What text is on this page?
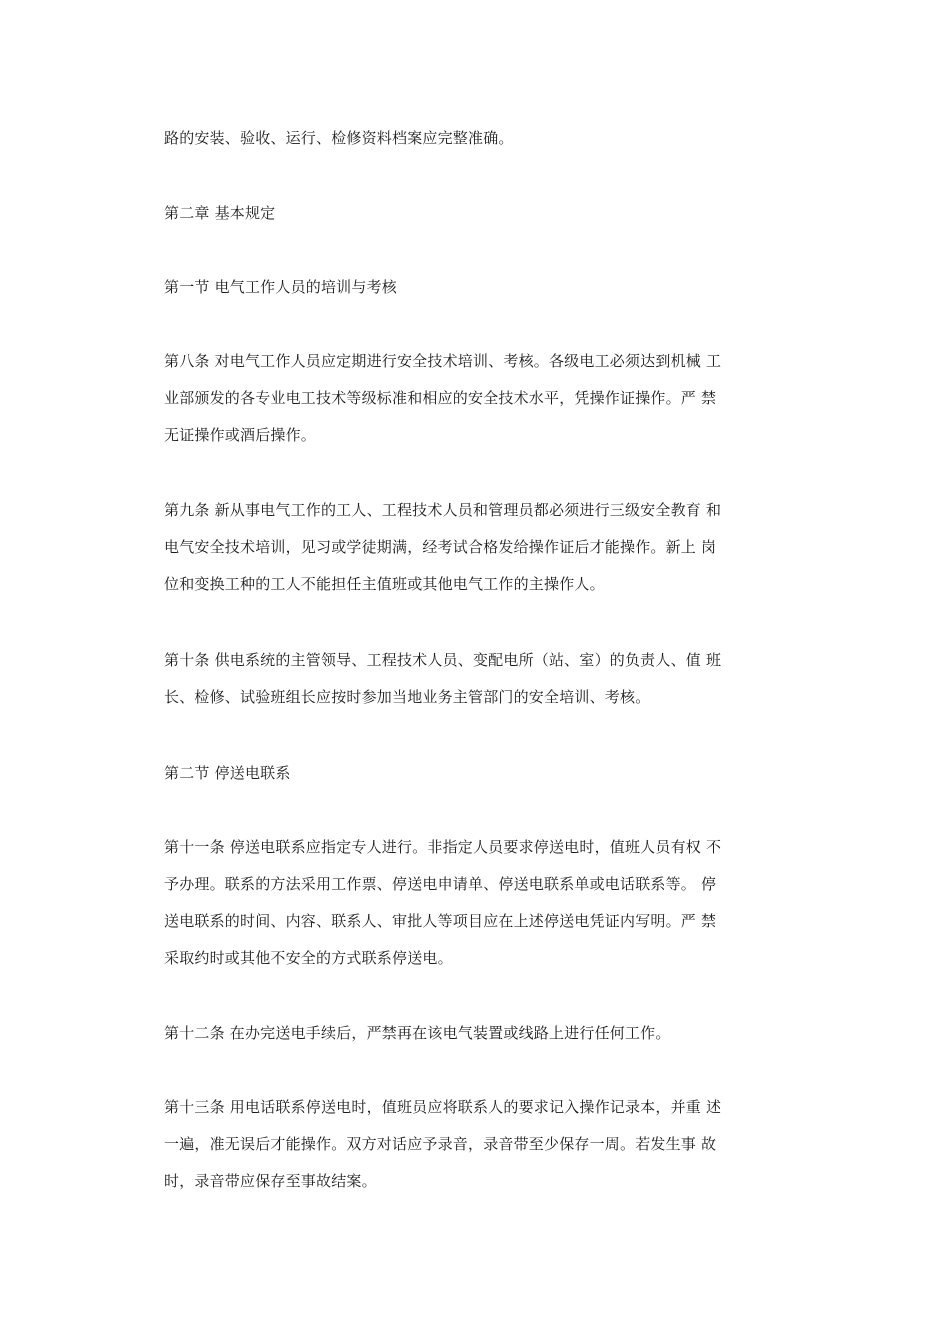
路的安装、验收、运行、检修资料档案应完整准确。
第二章 基本规定
第一节 电气工作人员的培训与考核
第八条 对电气工作人员应定期进行安全技术培训、考核。各级电工必须达到机械 工
业部颁发的各专业电工技术等级标准和相应的安全技术水平，凭操作证操作。严 禁
无证操作或酒后操作。
第九条 新从事电气工作的工人、工程技术人员和管理员都必须进行三级安全教育 和
电气安全技术培训，见习或学徒期满，经考试合格发给操作证后才能操作。新上 岗
位和变换工种的工人不能担任主值班或其他电气工作的主操作人。
第十条 供电系统的主管领导、工程技术人员、变配电所（站、室）的负责人、值 班
长、检修、试验班组长应按时参加当地业务主管部门的安全培训、考核。
第二节 停送电联系
第十一条 停送电联系应指定专人进行。非指定人员要求停送电时，值班人员有权 不
予办理。联系的方法采用工作票、停送电申请单、停送电联系单或电话联系等。 停
送电联系的时间、内容、联系人、审批人等项目应在上述停送电凭证内写明。严 禁
采取约时或其他不安全的方式联系停送电。
第十二条 在办完送电手续后，严禁再在该电气装置或线路上进行任何工作。
第十三条 用电话联系停送电时，值班员应将联系人的要求记入操作记录本，并重 述
一遍，准无误后才能操作。双方对话应予录音，录音带至少保存一周。若发生事 故
时，录音带应保存至事故结案。
